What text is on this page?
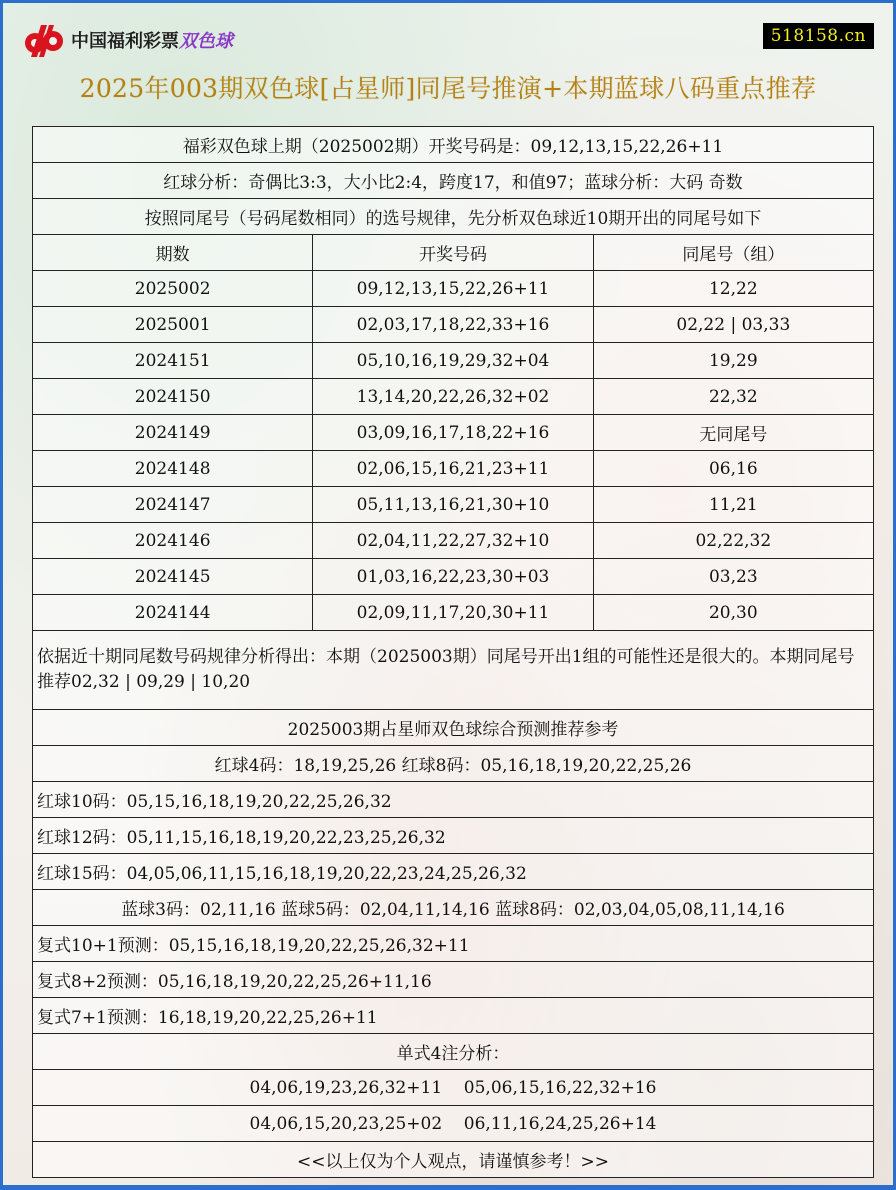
中国福利彩票双色球	518158.cn
2025年003期双色球[占星师]同尾号推演+本期蓝球八码重点推荐
福彩双色球上期（2025002期）开奖号码是：09,12,13,15,22,26+11		
红球分析：奇偶比3:3，大小比2:4，跨度17，和值97；蓝球分析：大码 奇数		
按照同尾号（号码尾数相同）的选号规律，先分析双色球近10期开出的同尾号如下		
期数	开奖号码	同尾号（组）
2025002	09,12,13,15,22,26+11	12,22
2025001	02,03,17,18,22,33+16	02,22 | 03,33
2024151	05,10,16,19,29,32+04	19,29
2024150	13,14,20,22,26,32+02	22,32
2024149	03,09,16,17,18,22+16	无同尾号
2024148	02,06,15,16,21,23+11	06,16
2024147	05,11,13,16,21,30+10	11,21
2024146	02,04,11,22,27,32+10	02,22,32
2024145	01,03,16,22,23,30+03	03,23
2024144	02,09,11,17,20,30+11	20,30
依据近十期同尾数号码规律分析得出：本期（2025003期）同尾号开出1组的可能性还是很大的。本期同尾号推荐02,32 | 09,29 | 10,20		
2025003期占星师双色球综合预测推荐参考		
红球4码：18,19,25,26 红球8码：05,16,18,19,20,22,25,26		
红球10码：05,15,16,18,19,20,22,25,26,32		
红球12码：05,11,15,16,18,19,20,22,23,25,26,32		
红球15码：04,05,06,11,15,16,18,19,20,22,23,24,25,26,32		
蓝球3码：02,11,16 蓝球5码：02,04,11,14,16 蓝球8码：02,03,04,05,08,11,14,16		
复式10+1预测：05,15,16,18,19,20,22,25,26,32+11		
复式8+2预测：05,16,18,19,20,22,25,26+11,16		
复式7+1预测：16,18,19,20,22,25,26+11		
单式4注分析：		
04,06,19,23,26,32+11    05,06,15,16,22,32+16		
04,06,15,20,23,25+02    06,11,16,24,25,26+14		
<<以上仅为个人观点，请谨慎参考！>>		
